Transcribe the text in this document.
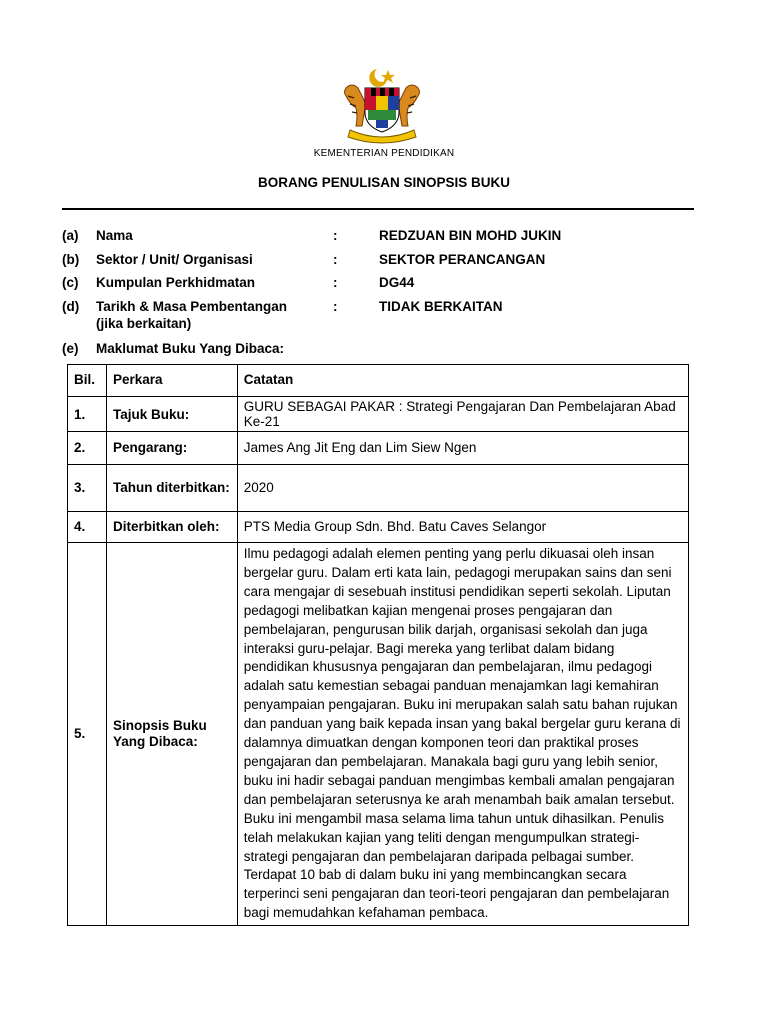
KEMENTERIAN PENDIDIKAN
BORANG PENULISAN SINOPSIS BUKU
(a) Nama	:	REDZUAN BIN MOHD JUKIN
(b) Sektor / Unit/ Organisasi	:	SEKTOR PERANCANGAN
(c) Kumpulan Perkhidmatan	:	DG44
(d) Tarikh & Masa Pembentangan
(jika berkaitan)
:	TIDAK BERKAITAN
(e) Maklumat Buku Yang Dibaca:
Bil.	Perkara	Catatan
1.	Tajuk Buku:	GURU SEBAGAI PAKAR : Strategi Pengajaran Dan Pembelajaran Abad Ke-21
2.	Pengarang:	James Ang Jit Eng dan Lim Siew Ngen
3.	Tahun diterbitkan:	2020
4.	Diterbitkan oleh:	PTS Media Group Sdn. Bhd. Batu Caves Selangor
5.	Sinopsis Buku Yang Dibaca:	Ilmu pedagogi adalah elemen penting yang perlu dikuasai oleh insan bergelar guru. Dalam erti kata lain, pedagogi merupakan sains dan seni cara mengajar di sesebuah institusi pendidikan seperti sekolah. Liputan pedagogi melibatkan kajian mengenai proses pengajaran dan pembelajaran, pengurusan bilik darjah, organisasi sekolah dan juga interaksi guru-pelajar. Bagi mereka yang terlibat dalam bidang pendidikan khususnya pengajaran dan pembelajaran, ilmu pedagogi adalah satu kemestian sebagai panduan menajamkan lagi kemahiran penyampaian pengajaran. Buku ini merupakan salah satu bahan rujukan dan panduan yang baik kepada insan yang bakal bergelar guru kerana di dalamnya dimuatkan dengan komponen teori dan praktikal proses pengajaran dan pembelajaran. Manakala bagi guru yang lebih senior, buku ini hadir sebagai panduan mengimbas kembali amalan pengajaran dan pembelajaran seterusnya ke arah menambah baik amalan tersebut. Buku ini mengambil masa selama lima tahun untuk dihasilkan. Penulis telah melakukan kajian yang teliti dengan mengumpulkan strategi-strategi pengajaran dan pembelajaran daripada pelbagai sumber. Terdapat 10 bab di dalam buku ini yang membincangkan secara terperinci seni pengajaran dan teori-teori pengajaran dan pembelajaran bagi memudahkan kefahaman pembaca.
